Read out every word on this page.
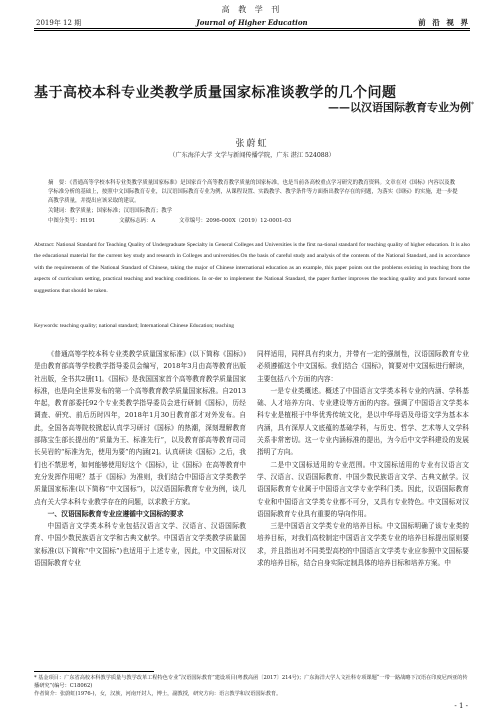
高 教 学 刊
2019年 12 期	Journal of Higher Education	前 沿 视 界
基于高校本科专业类教学质量国家标准谈教学的几个问题
——以汉语国际教育专业为例*
张蔚虹
（广东海洋大学 文学与新闻传播学院，广东 湛江 524088）
摘　要：《普通高等学校本科专业类教学质量国家标准》是国家首个高等教育教学质量的国家标准，也是当前各高校重点学习研究的教育资料。文章在对《国标》内容以及教学标准分析的基础上，按照中文国际教育专业，以汉语国际教育专业为例，从课程设置、实践教学、教学条件等方面指出教学存在的问题，为落实《国标》的实施，进一步提高教学质量，并提出应该采取的建议。
关键词：教学质量；国家标准；汉语国际教育；教学
中图分类号：H191	文献标志码：A	文章编号：2096-000X（2019）12-0001-03
Abstract: National Standard for Teaching Quality of Undergraduate Specialty in General Colleges and Universities is the first na-tional standard for teaching quality of higher education. It is also the educational material for the current key study and research in Colleges and universities.On the basis of careful study and analysis of the contents of the National Standard, and in accordance with the requirements of the National Standard of Chinese, taking the major of Chinese international education as an example, this paper points out the problems existing in teaching from the aspects of curriculum setting, practical teaching and teaching conditions. In or-der to implement the National Standard, the paper further improves the teaching quality and puts forward some suggestions that should be taken.
Keywords: teaching quality; national standard; International Chinese Education; teaching

《普通高等学校本科专业类教学质量国家标准》(以下简称《国标》)是由教育部高等学校教学指导委员会编写，2018年3月由高等教育出版社出版，全书共2册[1]。《国标》是我国国家首个高等教育教学质量国家标准，也是向全世界发布的第一个高等教育教学质量国家标准。自2013年起，教育部委托92个专业类教学指导委员会进行研制《国标》，历经调查、研究、前后历时四年，2018年1月30日教育部才对外发布。自此，全国各高等院校掀起认真学习研讨《国标》的热潮，深刻理解教育部陈宝生部长提出的“质量为王、标准先行”，以及教育部高等教育司司长吴岩的“标准为先，使用为要”的内涵[2]。认真研读《国标》之后，我们也不禁思考，如何能够使用好这个《国标》，让《国标》在高等教育中充分发挥作用呢？基于《国标》为准则，我们结合中国语言文学类教学质量国家标准(以下简称“中文国标”)，以汉语国际教育专业为例，谈几点有关大学本科专业教学存在的问题，以求教于方家。

一、汉语国际教育专业应遵循中文国标的要求

中国语言文学类本科专业包括汉语言文学、汉语言、汉语国际教育、中国少数民族语言文学和古典文献学。中国语言文学类教学质量国家标准(以下简称“中文国标”)也适用于上述专业，因此，中文国标对汉语国际教育专业

同样适用，同样具有约束力，并带有一定的强制性，汉语国际教育专业必须遵循这个中文国标。我们结合《国标》，简要对中文国标进行解读，主要包括八个方面的内容：

一是专业类概述。概述了中国语言文学类本科专业的内涵、学科基础、人才培养方向、专业建设等方面的内容。强调了中国语言文学类本科专业是植根于中华优秀传统文化，是以中华母语及母语文学为基本本内涵，具有深厚人文底蕴的基础学科，与历史、哲学、艺术等人文学科关系非常密切。这一专业内涵标准的提出，为今后中文学科建设的发展指明了方向。

二是中文国标适用的专业范围。中文国标适用的专业有汉语言文学、汉语言、汉语国际教育、中国少数民族语言文学、古典文献学。汉语国际教育专业属于中国语言文学专业学科门类。因此，汉语国际教育专业和中国语言文学类专业都不可分，又具有专业特色。中文国标对汉语国际教育专业具有重要的导向作用。

三是中国语言文学类专业的培养目标。中文国标明确了该专业类的培养目标，对我们高校制定中国语言文学类专业的培养目标提出原则要求，并且指出对不同类型高校的中国语言文学类专业应参照中文国标要求的培养目标，结合自身实际定制具体的培养目标和培养方案。中

* 基金项目：广东省高校本科教学质量与教学改革工程特色专业“汉语国际教育”建设项目(粤教高函〔2017〕214号)；广东海洋大学人文社科专项课题“一带一路战略下汉语在印度尼西亚的传播研究”(编号：C18062)
作者简介：张蔚虹(1976-)，女，汉族，河南开封人，博士，副教授，研究方向：语言教学和汉语国际教育。
- 1 -
